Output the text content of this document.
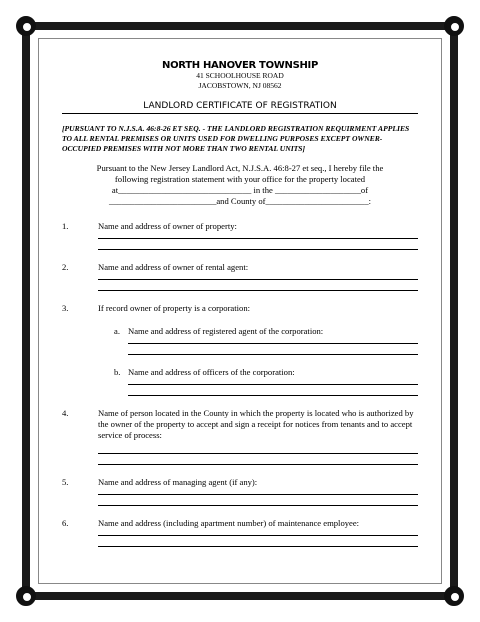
NORTH HANOVER TOWNSHIP
41 SCHOOLHOUSE ROAD
JACOBSTOWN, NJ 08562
LANDLORD CERTIFICATE OF REGISTRATION
[PURSUANT TO N.J.S.A. 46:8-26 ET SEQ. - THE LANDLORD REGISTRATION REQUIRMENT APPLIES TO ALL RENTAL PREMISES OR UNITS USED FOR DWELLING PURPOSES EXCEPT OWNER-OCCUPIED PREMISES WITH NOT MORE THAN TWO RENTAL UNITS]
Pursuant to the New Jersey Landlord Act, N.J.S.A. 46:8-27 et seq., I hereby file the
following registration statement with your office for the property located
at_______________________________ in the ____________________of
_________________________and County of________________________:
1.	Name and address of owner of property:
2.	Name and address of owner of rental agent:
3.	If record owner of property is a corporation:
a. Name and address of registered agent of the corporation:
b. Name and address of officers of the corporation:
4.	Name of person located in the County in which the property is located who is authorized by the owner of the property to accept and sign a receipt for notices from tenants and to accept service of process:
5.	Name and address of managing agent (if any):
6.	Name and address (including apartment number) of maintenance employee:
